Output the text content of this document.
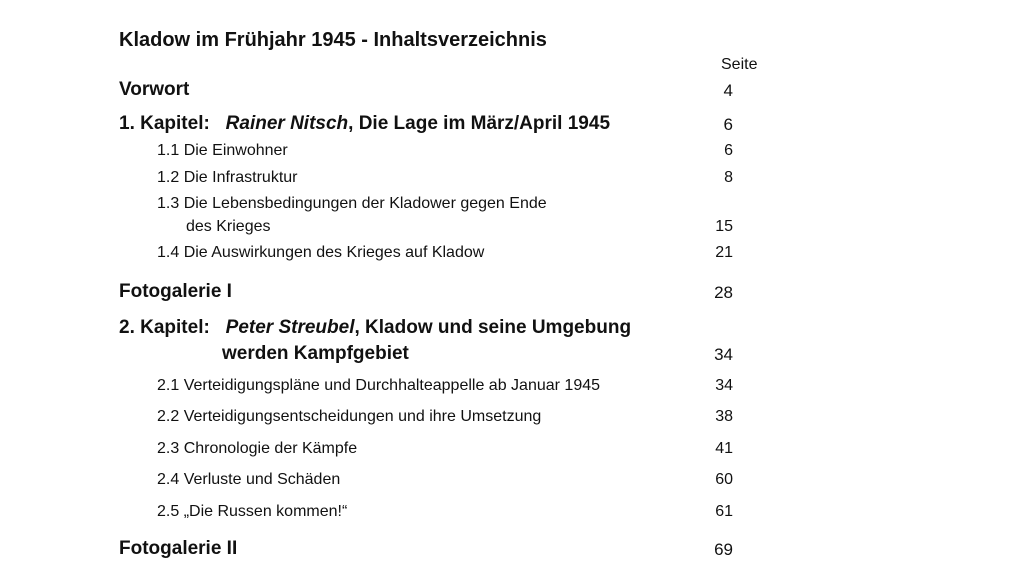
Kladow im Frühjahr 1945 - Inhaltsverzeichnis
Seite
Vorwort	4
1. Kapitel: Rainer Nitsch, Die Lage im März/April 1945	6
1.1 Die Einwohner	6
1.2 Die Infrastruktur	8
1.3 Die Lebensbedingungen der Kladower gegen Ende
des Krieges	15
1.4 Die Auswirkungen des Krieges auf Kladow	21
Fotogalerie I	28
2. Kapitel: Peter Streubel, Kladow und seine Umgebung
werden Kampfgebiet	34
2.1 Verteidigungspläne und Durchhalteappelle ab Januar 1945	34
2.2 Verteidigungsentscheidungen und ihre Umsetzung	38
2.3 Chronologie der Kämpfe	41
2.4 Verluste und Schäden	60
2.5 „Die Russen kommen!“	61
Fotogalerie II	69
